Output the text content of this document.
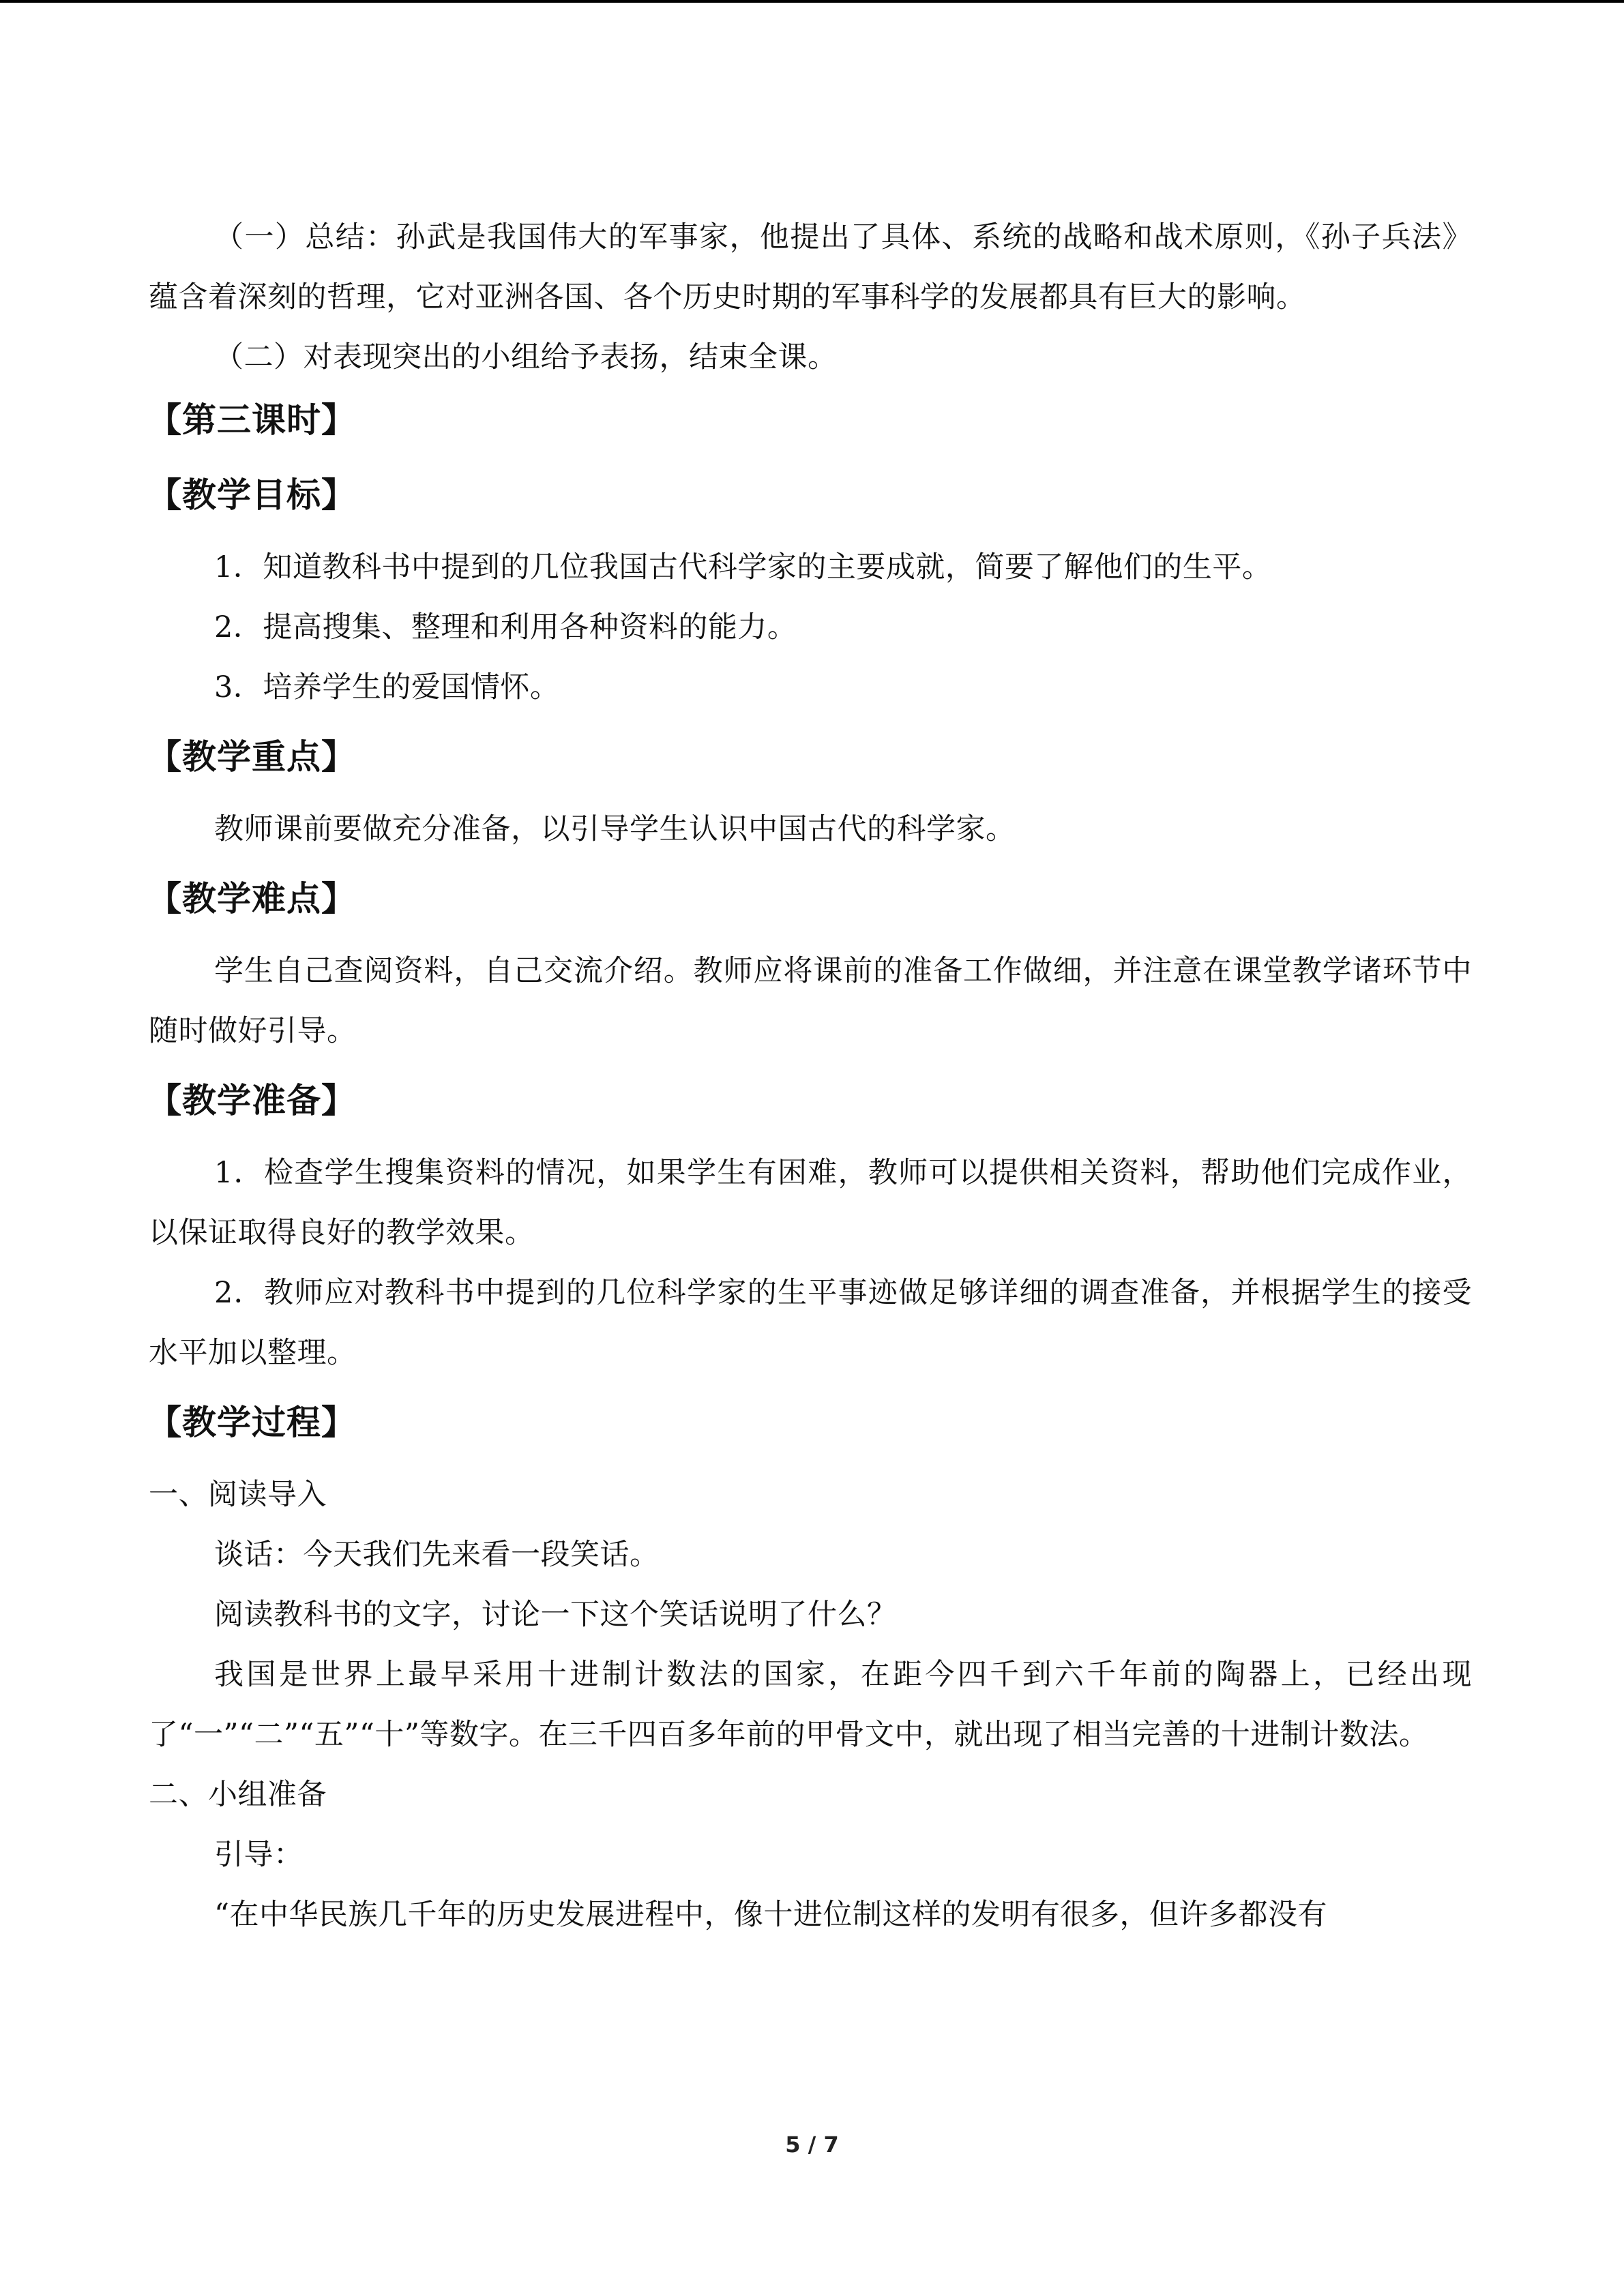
（一）总结：孙武是我国伟大的军事家，他提出了具体、系统的战略和战术原则，《孙子兵法》蕴含着深刻的哲理，它对亚洲各国、各个历史时期的军事科学的发展都具有巨大的影响。

（二）对表现突出的小组给予表扬，结束全课。

【第三课时】
【教学目标】

1．知道教科书中提到的几位我国古代科学家的主要成就，简要了解他们的生平。

2．提高搜集、整理和利用各种资料的能力。

3．培养学生的爱国情怀。

【教学重点】

教师课前要做充分准备，以引导学生认识中国古代的科学家。

【教学难点】

学生自己查阅资料，自己交流介绍。教师应将课前的准备工作做细，并注意在课堂教学诸环节中随时做好引导。

【教学准备】

1．检查学生搜集资料的情况，如果学生有困难，教师可以提供相关资料，帮助他们完成作业，以保证取得良好的教学效果。

2．教师应对教科书中提到的几位科学家的生平事迹做足够详细的调查准备，并根据学生的接受水平加以整理。

【教学过程】

一、阅读导入

谈话：今天我们先来看一段笑话。

阅读教科书的文字，讨论一下这个笑话说明了什么？

我国是世界上最早采用十进制计数法的国家，在距今四千到六千年前的陶器上，已经出现了“一”“二”“五”“十”等数字。在三千四百多年前的甲骨文中，就出现了相当完善的十进制计数法。

二、小组准备

引导：

“在中华民族几千年的历史发展进程中，像十进位制这样的发明有很多，但许多都没有

5 / 7
